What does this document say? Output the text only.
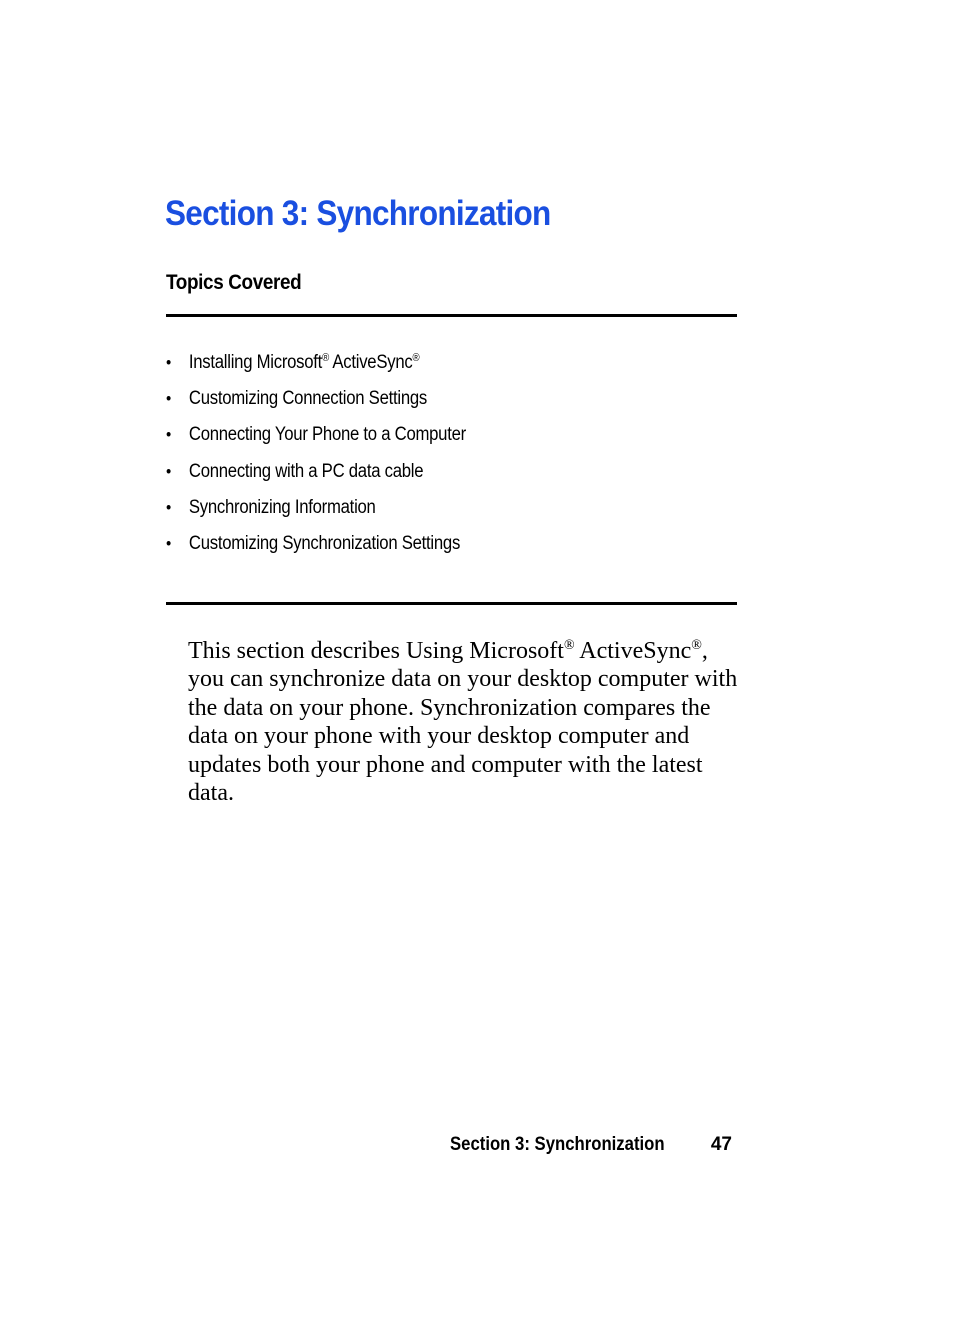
Section 3: Synchronization
Topics Covered
• Installing Microsoft® ActiveSync®
• Customizing Connection Settings
• Connecting Your Phone to a Computer
• Connecting with a PC data cable
• Synchronizing Information
• Customizing Synchronization Settings

This section describes Using Microsoft® ActiveSync®, you can synchronize data on your desktop computer with the data on your phone. Synchronization compares the data on your phone with your desktop computer and updates both your phone and computer with the latest data.

Section 3: Synchronization 47
